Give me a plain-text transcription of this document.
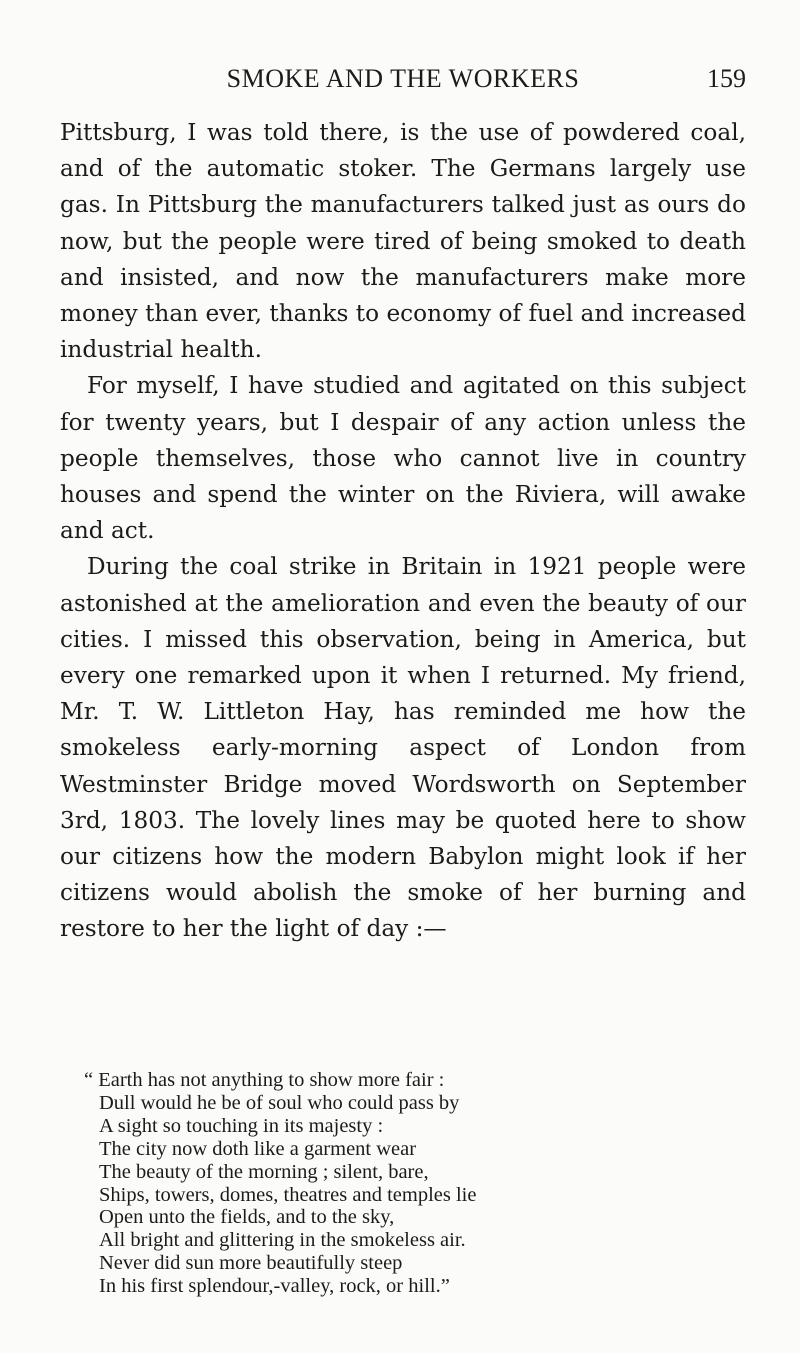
SMOKE AND THE WORKERS	159

Pittsburg, I was told there, is the use of powdered coal, and of the automatic stoker. The Germans largely use gas. In Pittsburg the manufacturers talked just as ours do now, but the people were tired of being smoked to death and insisted, and now the manufacturers make more money than ever, thanks to economy of fuel and increased industrial health.

For myself, I have studied and agitated on this subject for twenty years, but I despair of any action unless the people themselves, those who cannot live in country houses and spend the winter on the Riviera, will awake and act.

During the coal strike in Britain in 1921 people were astonished at the amelioration and even the beauty of our cities. I missed this observation, being in America, but every one remarked upon it when I returned. My friend, Mr. T. W. Littleton Hay, has reminded me how the smokeless early-morning aspect of London from Westminster Bridge moved Wordsworth on September 3rd, 1803. The lovely lines may be quoted here to show our citizens how the modern Babylon might look if her citizens would abolish the smoke of her burning and restore to her the light of day :—

“ Earth has not anything to show more fair :
Dull would he be of soul who could pass by
A sight so touching in its majesty :
The city now doth like a garment wear
The beauty of the morning ; silent, bare,
Ships, towers, domes, theatres and temples lie
Open unto the fields, and to the sky,
All bright and glittering in the smokeless air.
Never did sun more beautifully steep
In his first splendour,-valley, rock, or hill.”
